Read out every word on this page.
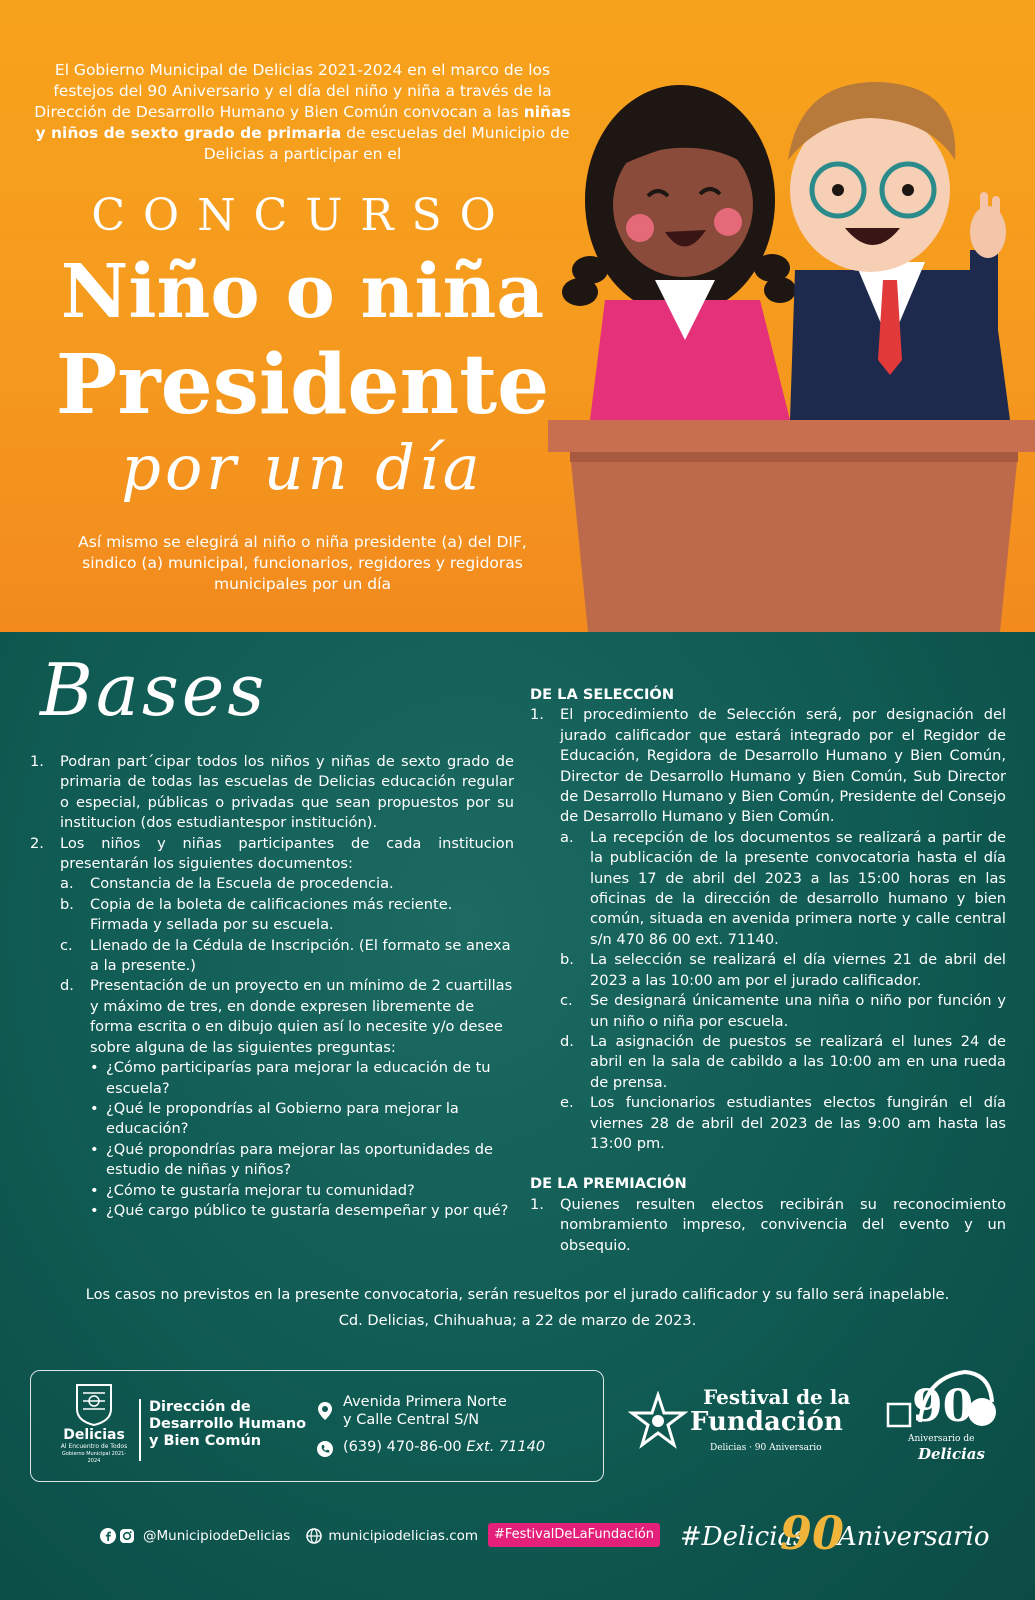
El Gobierno Municipal de Delicias 2021-2024 en el marco de los festejos del 90 Aniversario y el día del niño y niña a través de la Dirección de Desarrollo Humano y Bien Común convocan a las niñas y niños de sexto grado de primaria de escuelas del Municipio de Delicias a participar en el
CONCURSO
Niño o niña
Presidente
por un día
Así mismo se elegirá al niño o niña presidente (a) del DIF, sindico (a) municipal, funcionarios, regidores y regidoras municipales por un día
Bases
1.	Podran part´cipar todos los niños y niñas de sexto grado de primaria de todas las escuelas de Delicias educación regular o especial, públicas o privadas que sean propuestos por su institucion (dos estudiantespor institución).
2.	Los niños y niñas participantes de cada institucion presentarán los siguientes documentos:
a.	Constancia de la Escuela de procedencia.
b.	Copia de la boleta de calificaciones más reciente. Firmada y sellada por su escuela.
c.	Llenado de la Cédula de Inscripción. (El formato se anexa a la presente.)
d.	Presentación de un proyecto en un mínimo de 2 cuartillas y máximo de tres, en donde expresen libremente de forma escrita o en dibujo quien así lo necesite y/o desee sobre alguna de las siguientes preguntas:
• ¿Cómo participarías para mejorar la educación de tu escuela?
• ¿Qué le propondrías al Gobierno para mejorar la educación?
• ¿Qué propondrías para mejorar las oportunidades de estudio de niñas y niños?
• ¿Cómo te gustaría mejorar tu comunidad?
• ¿Qué cargo público te gustaría desempeñar y por qué?
DE LA SELECCIÓN
1.	El procedimiento de Selección será, por designación del jurado calificador que estará integrado por el Regidor de Educación, Regidora de Desarrollo Humano y Bien Común, Director de Desarrollo Humano y Bien Común, Sub Director de Desarrollo Humano y Bien Común, Presidente del Consejo de Desarrollo Humano y Bien Común.
a.	La recepción de los documentos se realizará a partir de la publicación de la presente convocatoria hasta el día lunes 17 de abril del 2023 a las 15:00 horas en las oficinas de la dirección de desarrollo humano y bien común, situada en avenida primera norte y calle central s/n 470 86 00 ext. 71140.
b.	La selección se realizará el día viernes 21 de abril del 2023 a las 10:00 am por el jurado calificador.
c.	Se designará únicamente una niña o niño por función y un niño o niña por escuela.
d.	La asignación de puestos se realizará el lunes 24 de abril en la sala de cabildo a las 10:00 am en una rueda de prensa.
e.	Los funcionarios estudiantes electos fungirán el día viernes 28 de abril del 2023 de las 9:00 am hasta las 13:00 pm.
DE LA PREMIACIÓN
1.	Quienes resulten electos recibirán su reconocimiento nombramiento impreso, convivencia del evento y un obsequio.
Los casos no previstos en la presente convocatoria, serán resueltos por el jurado calificador y su fallo será inapelable.
Cd. Delicias, Chihuahua; a 22 de marzo de 2023.
Delicias
Al Encuentro de Todos
Gobierno Municipal 2021-2024
Dirección de
Desarrollo Humano
y Bien Común
Avenida Primera Norte
y Calle Central S/N
(639) 470-86-00 Ext. 71140
Festival de la
Fundación
Delicias · 90 Aniversario
90
Aniversario de
Delicias
@MunicipiodeDelicias	municipiodelicias.com	#FestivalDeLaFundación #Delicias
90
Aniversario
